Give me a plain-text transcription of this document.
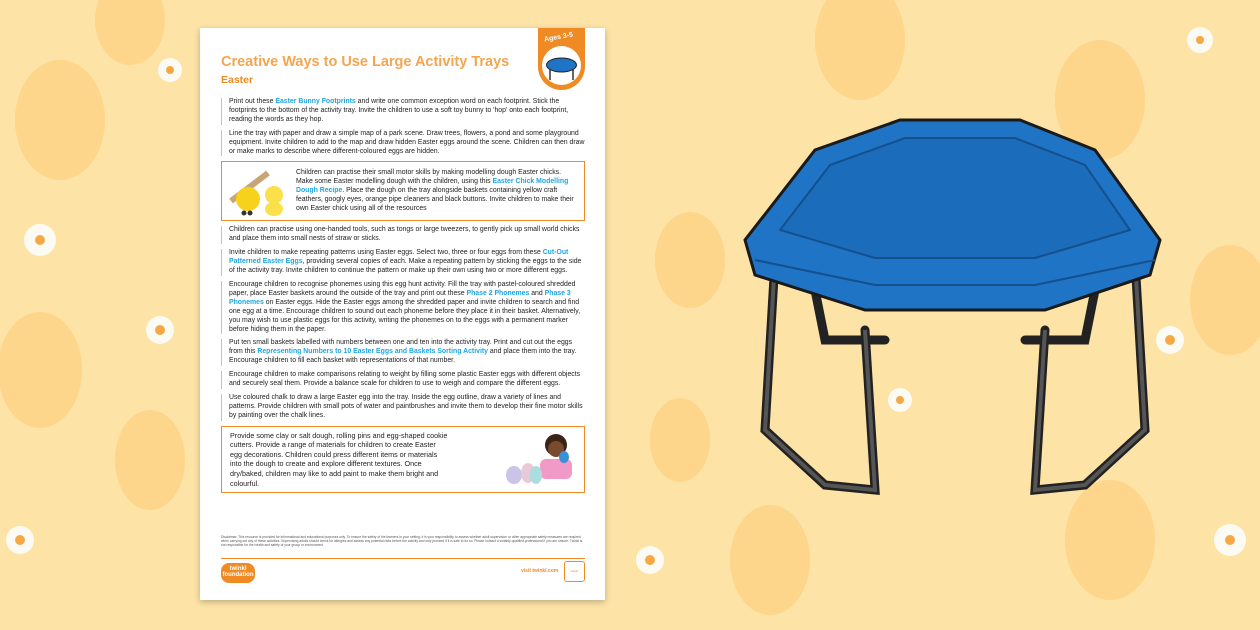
Creative Ways to Use Large Activity Trays
Easter
Ages 3-5
Print out these Easter Bunny Footprints and write one common exception word on each footprint. Stick the footprints to the bottom of the activity tray. Invite the children to use a soft toy bunny to 'hop' onto each footprint, reading the words as they hop.
Line the tray with paper and draw a simple map of a park scene. Draw trees, flowers, a pond and some playground equipment. Invite children to add to the map and draw hidden Easter eggs around the scene. Children can then draw or make marks to describe where different-coloured eggs are hidden.
Children can practise their small motor skills by making modelling dough Easter chicks. Make some Easter modelling dough with the children, using this Easter Chick Modelling Dough Recipe. Place the dough on the tray alongside baskets containing yellow craft feathers, googly eyes, orange pipe cleaners and black buttons. Invite children to make their own Easter chick using all of the resources
Children can practise using one-handed tools, such as tongs or large tweezers, to gently pick up small world chicks and place them into small nests of straw or sticks.
Invite children to make repeating patterns using Easter eggs. Select two, three or four eggs from these Cut-Out Patterned Easter Eggs, providing several copies of each. Make a repeating pattern by sticking the eggs to the side of the activity tray. Invite children to continue the pattern or make up their own using two or more different eggs.
Encourage children to recognise phonemes using this egg hunt activity. Fill the tray with pastel-coloured shredded paper, place Easter baskets around the outside of the tray and print out these Phase 2 Phonemes and Phase 3 Phonemes on Easter eggs. Hide the Easter eggs among the shredded paper and invite children to search and find one egg at a time. Encourage children to sound out each phoneme before they place it in their basket. Alternatively, you may wish to use plastic eggs for this activity, writing the phonemes on to the eggs with a permanent marker before hiding them in the paper.
Put ten small baskets labelled with numbers between one and ten into the activity tray. Print and cut out the eggs from this Representing Numbers to 10 Easter Eggs and Baskets Sorting Activity and place them into the tray. Encourage children to fill each basket with representations of that number.
Encourage children to make comparisons relating to weight by filling some plastic Easter eggs with different objects and securely seal them. Provide a balance scale for children to use to weigh and compare the different eggs.
Use coloured chalk to draw a large Easter egg into the tray. Inside the egg outline, draw a variety of lines and patterns. Provide children with small pots of water and paintbrushes and invite them to develop their fine motor skills by painting over the chalk lines.
Provide some clay or salt dough, rolling pins and egg-shaped cookie cutters. Provide a range of materials for children to create Easter egg decorations. Children could press different items or materials into the dough to create and explore different textures. Once dry/baked, children may like to add paint to make them bright and colourful.
Disclaimer: This resource is provided for informational and educational purposes only. To ensure the safety of the learners in your setting, it is your responsibility to assess whether adult supervision or other appropriate safety measures are required when carrying out any of these activities. Supervising adults should check for allergies and assess any potential risks before the activity and only proceed if it is safe to do so. Please contact a suitably qualified professional if you are unsure. Twinkl is not responsible for the health and safety of your group or environment.
twinkl foundation
visit twinkl.com	twinkl
